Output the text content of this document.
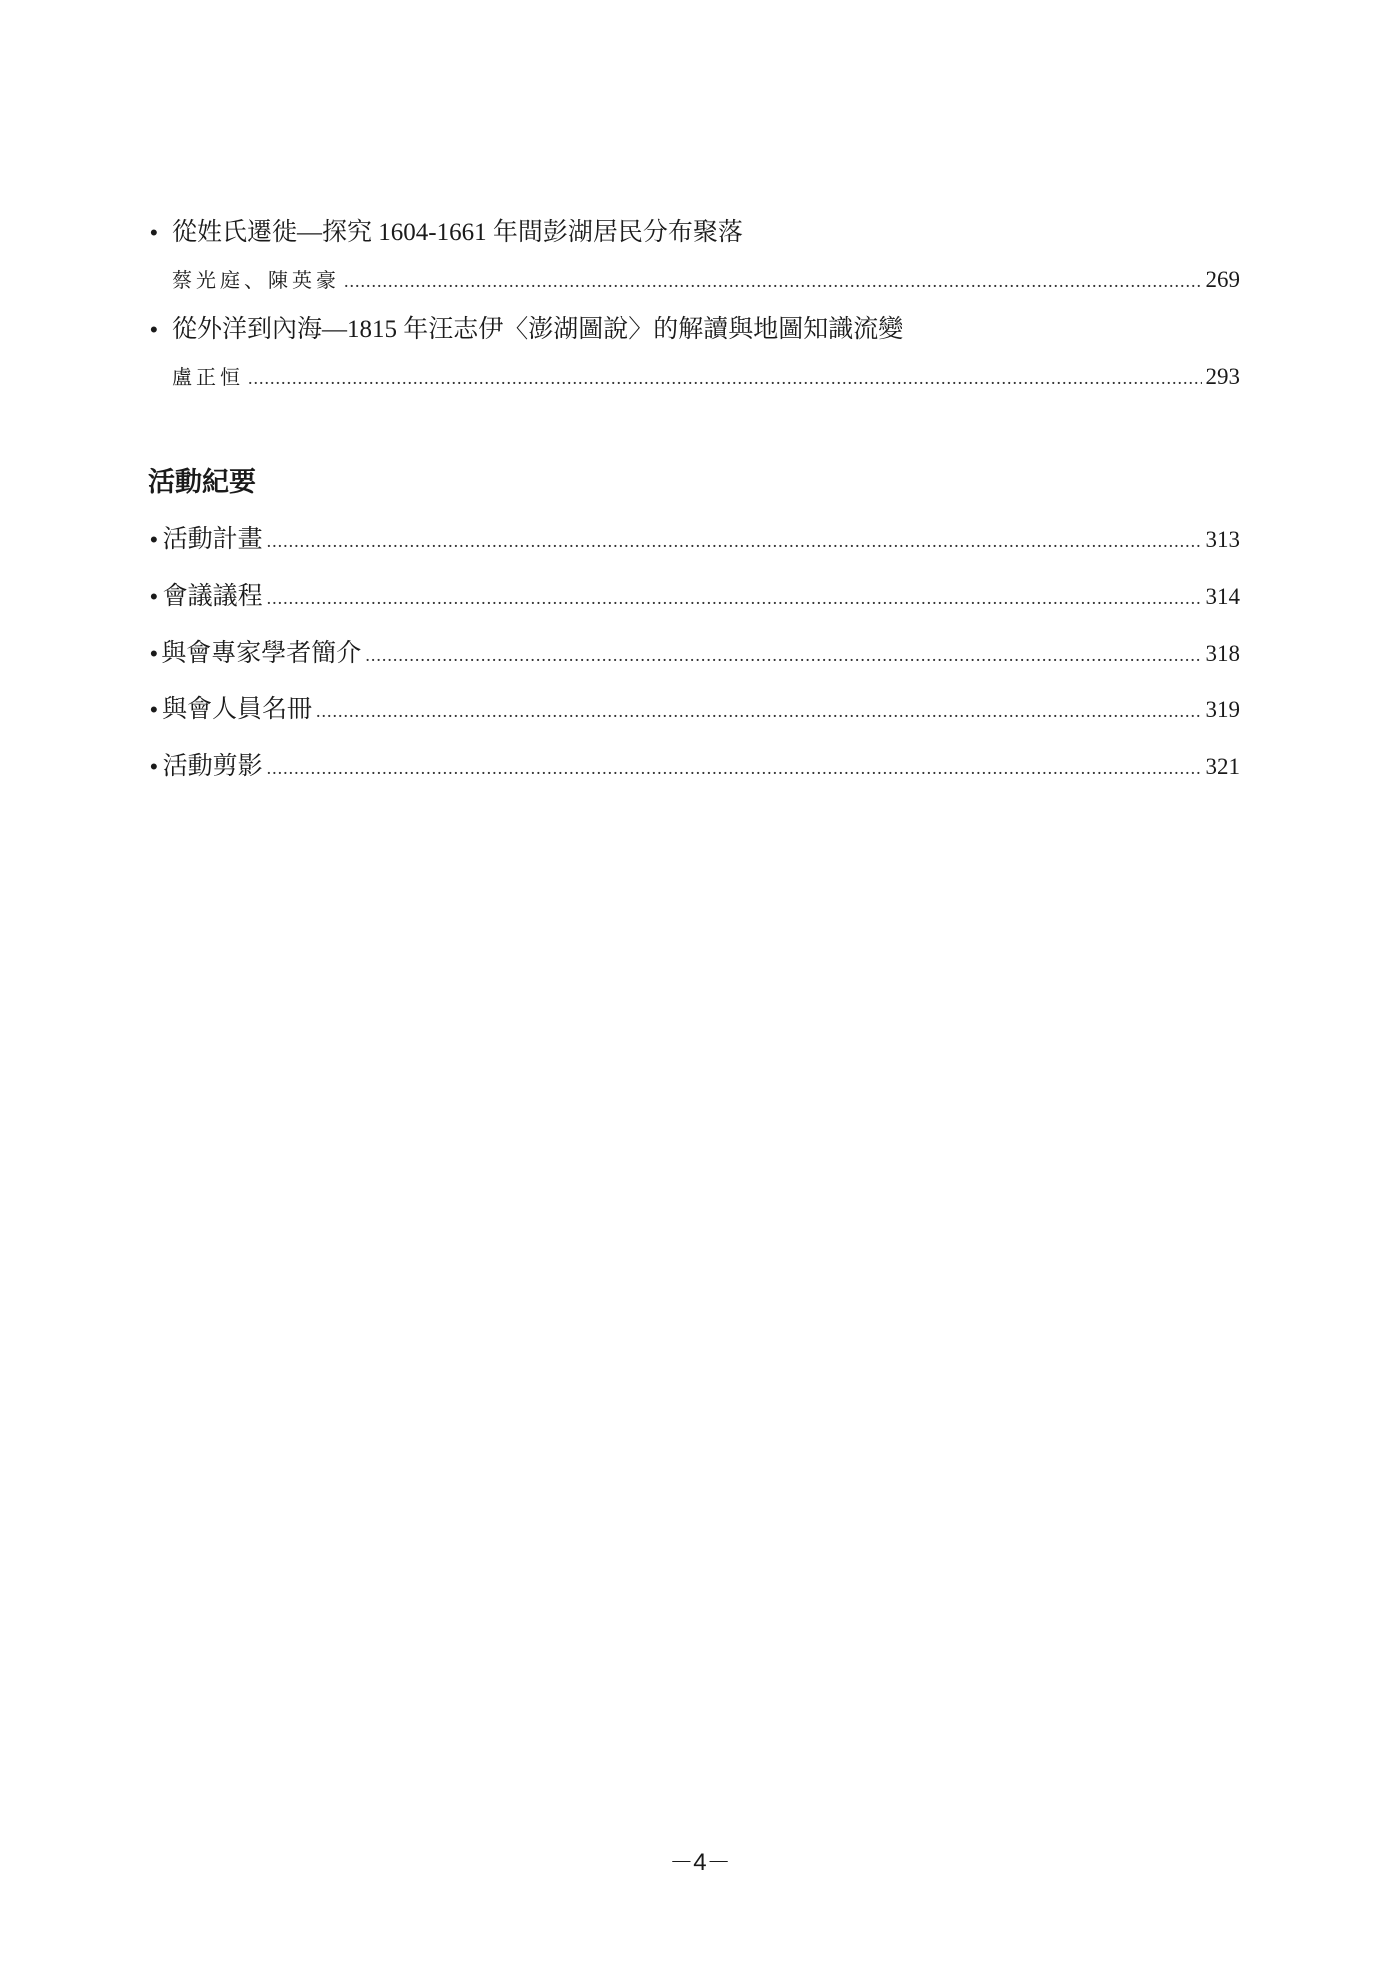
• 從姓氏遷徙—探究 1604-1661 年間彭湖居民分布聚落
蔡光庭、陳英豪 .....	269
• 從外洋到內海—1815 年汪志伊〈澎湖圖說〉的解讀與地圖知識流變
盧正恒 .....	293
活動紀要
• 活動計畫 .....	313
• 會議議程 .....	314
• 與會專家學者簡介 .....	318
• 與會人員名冊 .....	319
• 活動剪影 .....	321
－4－
